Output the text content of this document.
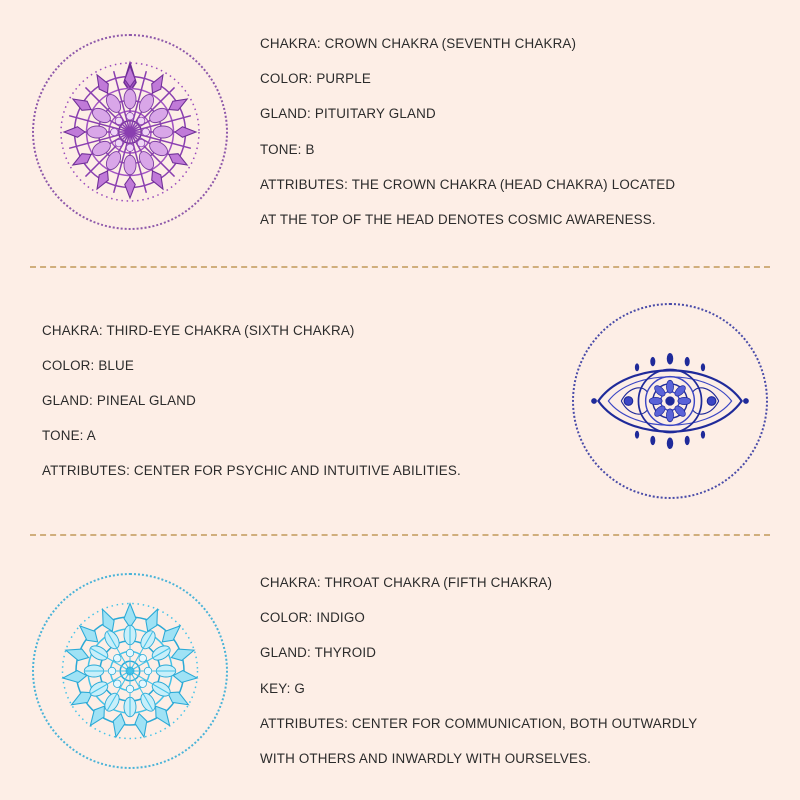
CHAKRA: CROWN CHAKRA (SEVENTH CHAKRA)

COLOR: PURPLE

GLAND: PITUITARY GLAND

TONE: B

ATTRIBUTES: THE CROWN CHAKRA (HEAD CHAKRA) LOCATED

AT THE TOP OF THE HEAD DENOTES COSMIC AWARENESS.

CHAKRA: THIRD-EYE CHAKRA (SIXTH CHAKRA)

COLOR: BLUE

GLAND: PINEAL GLAND

TONE: A

ATTRIBUTES: CENTER FOR PSYCHIC AND INTUITIVE ABILITIES.

CHAKRA: THROAT CHAKRA (FIFTH CHAKRA)

COLOR: INDIGO

GLAND: THYROID

KEY: G

ATTRIBUTES: CENTER FOR COMMUNICATION, BOTH OUTWARDLY

WITH OTHERS AND INWARDLY WITH OURSELVES.
